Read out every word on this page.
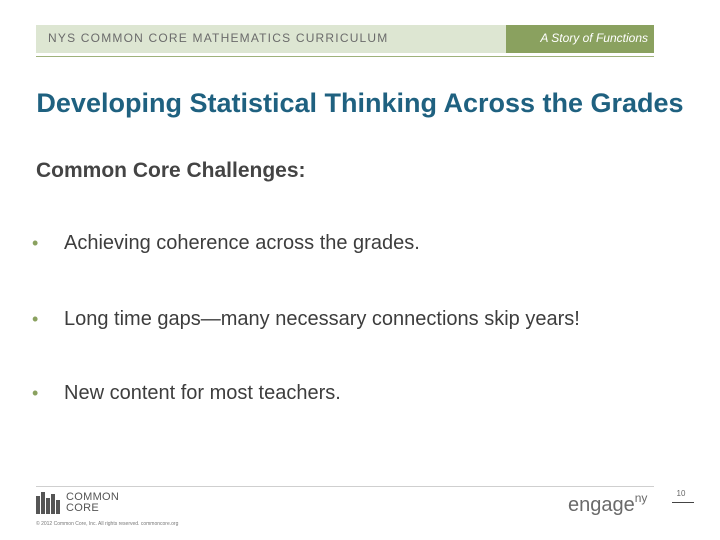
NYS COMMON CORE MATHEMATICS CURRICULUM	A Story of Functions
Developing Statistical Thinking Across the Grades
Common Core Challenges:
•	Achieving coherence across the grades.
•	Long time gaps—many necessary connections skip years!
•	New content for most teachers.
COMMON
CORE
© 2012 Common Core, Inc. All rights reserved. commoncore.org
engage$^{ny}$	10
